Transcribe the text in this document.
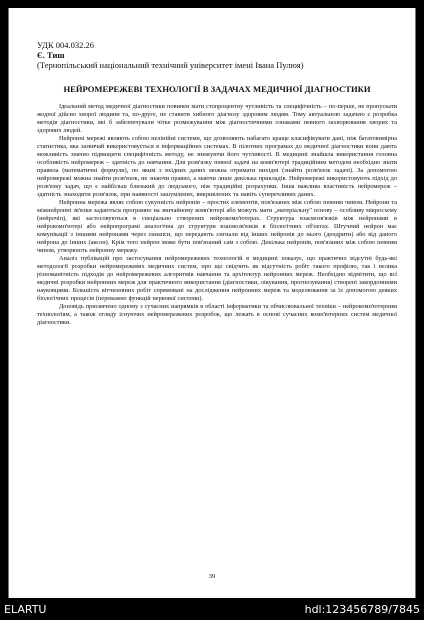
УДК 004.032.26

Є. Тиш

(Тернопільський національний технічний університет імені Івана Пулюя)

НЕЙРОМЕРЕЖЕВІ ТЕХНОЛОГІЇ В ЗАДАЧАХ МЕДИЧНОЇ ДІАГНОСТИКИ

Ідеальний метод медичної діагностики повинен мати стопроцентну чутливість та специфічність – по-перше, не пропускати жодної дійсно хворої людини та, по-друге, не ставити хибного діагнозу здоровим людям. Тому актуальною задачею є розробка методів діагностики, які б забезпечували чітке розмежування між діагностичними ознаками певного захворювання хворих та здорових людей.

Нейронні мережі являють собою нелінійні системи, що дозволяють набагато краще класифікувати дані, ніж багатовимірна статистика, яка зазвичай використовується в інформаційних системах. В пілотних програмах до медичної діагностики вони дають можливість значно підвищити специфічність методу, не знижуючи його чутливості. В медицині знайшла використання головна особливість нейромереж – здатність до навчання. Для розв'язку певної задачі на комп'ютері традиційним методом необхідно знати правила (математичні формули), по яким з вхідних даних можна отримати вихідні (знайти розв'язок задачі). За допомогою нейромережі можна знайти розв'язок, не знаючи правил, а маючи лише декілька прикладів. Нейромережі використовують підхід до розв'язку задач, що є найбільш близький до людського, ніж традиційні розрахунки. Інша важлива властивість нейромереж – здатність знаходити розв'язок, при наявності зашумлених, викривлених та навіть суперечливих даних.

Нейронна мережа являє собою сукупність нейронів – простих елементів, пов'язаних між собою певним чином. Нейрони та міжнейронні зв'язки задаються програмно на звичайному комп'ютері або можуть мати „матеріальну" основу – особливу мікросхему (нейрочіп), які застосовуються в спеціально створених нейрокомп'ютерах. Структура взаємозв'язків між нейронами в нейрокомп'ютері або нейропрограмі аналогічна до структури взаємозв'язків в біологічних об'єктах. Штучний нейрон має комунікації з іншими нейронами через синапси, що передають сигнали від інших нейронів до нього (дендрити) або від даного нейрона до інших (аксон). Крім того нейрон може бути пов'язаний сам з собою. Декілька нейронів, пов'язаних між собою певним чином, утворюють нейронну мережу.

Аналіз публікацій про застосування нейромережевих технологій в медицині показує, що практично відсутні будь-які методології розробки нейромережевих медичних систем, про що свідчить як відсутність робіт такого профілю, так і велика різноманітність підходів до нейромережевих алгоритмів навчання та архітектур нейронних мереж. Необхідно відмітити, що всі медичні розробки нейронних мереж для практичного використання (діагностики, лікування, прогнозування) створені закордонними науковцями. Більшість вітчизняних робіт спрямовані на дослідження нейронних мереж та моделювання за їх допомогою деяких біологічних процесів (переважно функцій нервової системи).

Доповідь присвячено одному з сучасних напрямків в області інформатики та обчислювальної техніки – нейрокомп'ютерним технологіям, а також огляду існуючих нейромережевих розробок, що лежать в основі сучасних комп'ютерних систем медичної діагностики.

39
ELARTU	hdl:123456789/7845
